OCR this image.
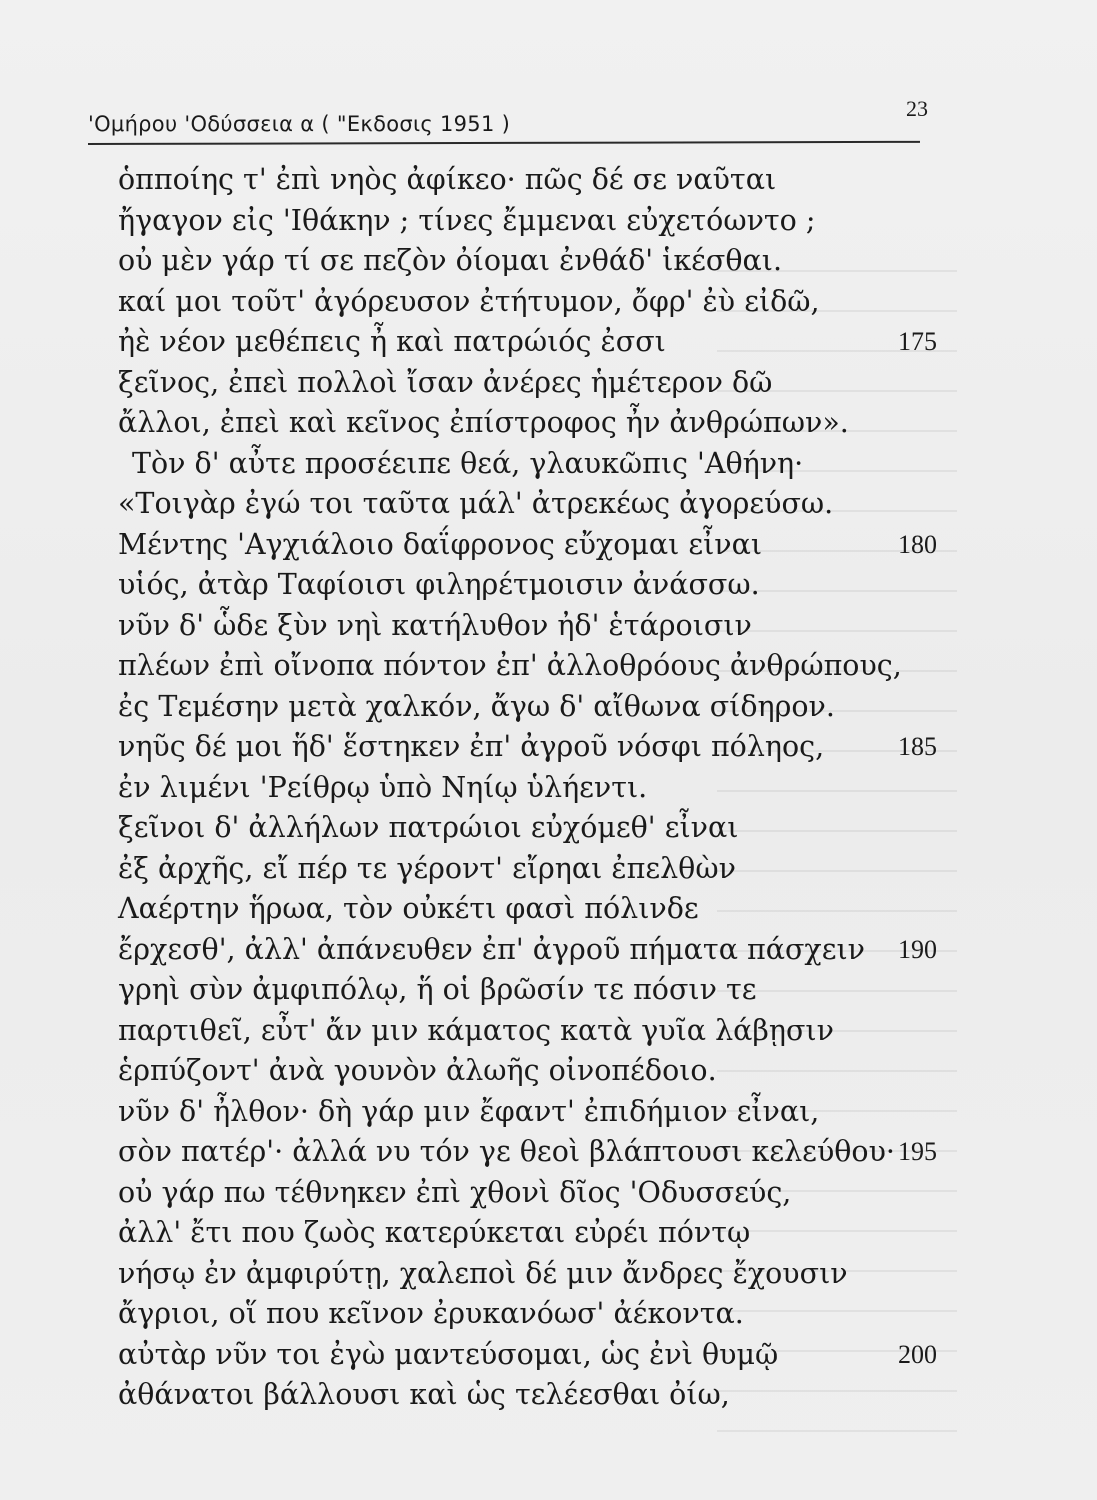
'Ομήρου 'Οδύσσεια α ( "Εκδοσις 1951 )
23
ὁπποίης τ' ἐπὶ νηὸς ἀφίκεο· πῶς δέ σε ναῦται
ἤγαγον εἰς 'Ιθάκην ; τίνες ἔμμεναι εὐχετόωντο ;
οὐ μὲν γάρ τί σε πεζὸν ὀίομαι ἐνθάδ' ἱκέσθαι.
καί μοι τοῦτ' ἀγόρευσον ἐτήτυμον, ὄφρ' ἐὺ εἰδῶ,
ἠὲ νέον μεθέπεις ἦ καὶ πατρώιός ἐσσι	175
ξεῖνος, ἐπεὶ πολλοὶ ἴσαν ἀνέρες ἡμέτερον δῶ
ἄλλοι, ἐπεὶ καὶ κεῖνος ἐπίστροφος ἦν ἀνθρώπων».
Τὸν δ' αὖτε προσέειπε θεά, γλαυκῶπις 'Αθήνη·
«Τοιγὰρ ἐγώ τοι ταῦτα μάλ' ἀτρεκέως ἀγορεύσω.
Μέντης 'Αγχιάλοιο δαΐφρονος εὔχομαι εἶναι	180
υἱός, ἀτὰρ Ταφίοισι φιληρέτμοισιν ἀνάσσω.
νῦν δ' ὧδε ξὺν νηὶ κατήλυθον ἠδ' ἑτάροισιν
πλέων ἐπὶ οἴνοπα πόντον ἐπ' ἀλλοθρόους ἀνθρώπους,
ἐς Τεμέσην μετὰ χαλκόν, ἄγω δ' αἴθωνα σίδηρον.
νηῦς δέ μοι ἥδ' ἕστηκεν ἐπ' ἀγροῦ νόσφι πόληος,	185
ἐν λιμένι 'Ρείθρῳ ὑπὸ Νηίῳ ὑλήεντι.
ξεῖνοι δ' ἀλλήλων πατρώιοι εὐχόμεθ' εἶναι
ἐξ ἀρχῆς, εἴ πέρ τε γέροντ' εἴρηαι ἐπελθὼν
Λαέρτην ἥρωα, τὸν οὐκέτι φασὶ πόλινδε
ἔρχεσθ', ἀλλ' ἀπάνευθεν ἐπ' ἀγροῦ πήματα πάσχειν 190
γρηὶ σὺν ἀμφιπόλῳ, ἥ οἱ βρῶσίν τε πόσιν τε
παρτιθεῖ, εὖτ' ἄν μιν κάματος κατὰ γυῖα λάβῃσιν
ἑρπύζοντ' ἀνὰ γουνὸν ἀλωῆς οἰνοπέδοιο.
νῦν δ' ἦλθον· δὴ γάρ μιν ἔφαντ' ἐπιδήμιον εἶναι,
σὸν πατέρ'· ἀλλά νυ τόν γε θεοὶ βλάπτουσι κελεύθου· 195
οὐ γάρ πω τέθνηκεν ἐπὶ χθονὶ δῖος 'Οδυσσεύς,
ἀλλ' ἔτι που ζωὸς κατερύκεται εὐρέι πόντῳ
νήσῳ ἐν ἀμφιρύτῃ, χαλεποὶ δέ μιν ἄνδρες ἔχουσιν
ἄγριοι, οἵ που κεῖνον ἐρυκανόωσ' ἀέκοντα.
αὐτὰρ νῦν τοι ἐγὼ μαντεύσομαι, ὡς ἐνὶ θυμῷ	200
ἀθάνατοι βάλλουσι καὶ ὡς τελέεσθαι ὀίω,
